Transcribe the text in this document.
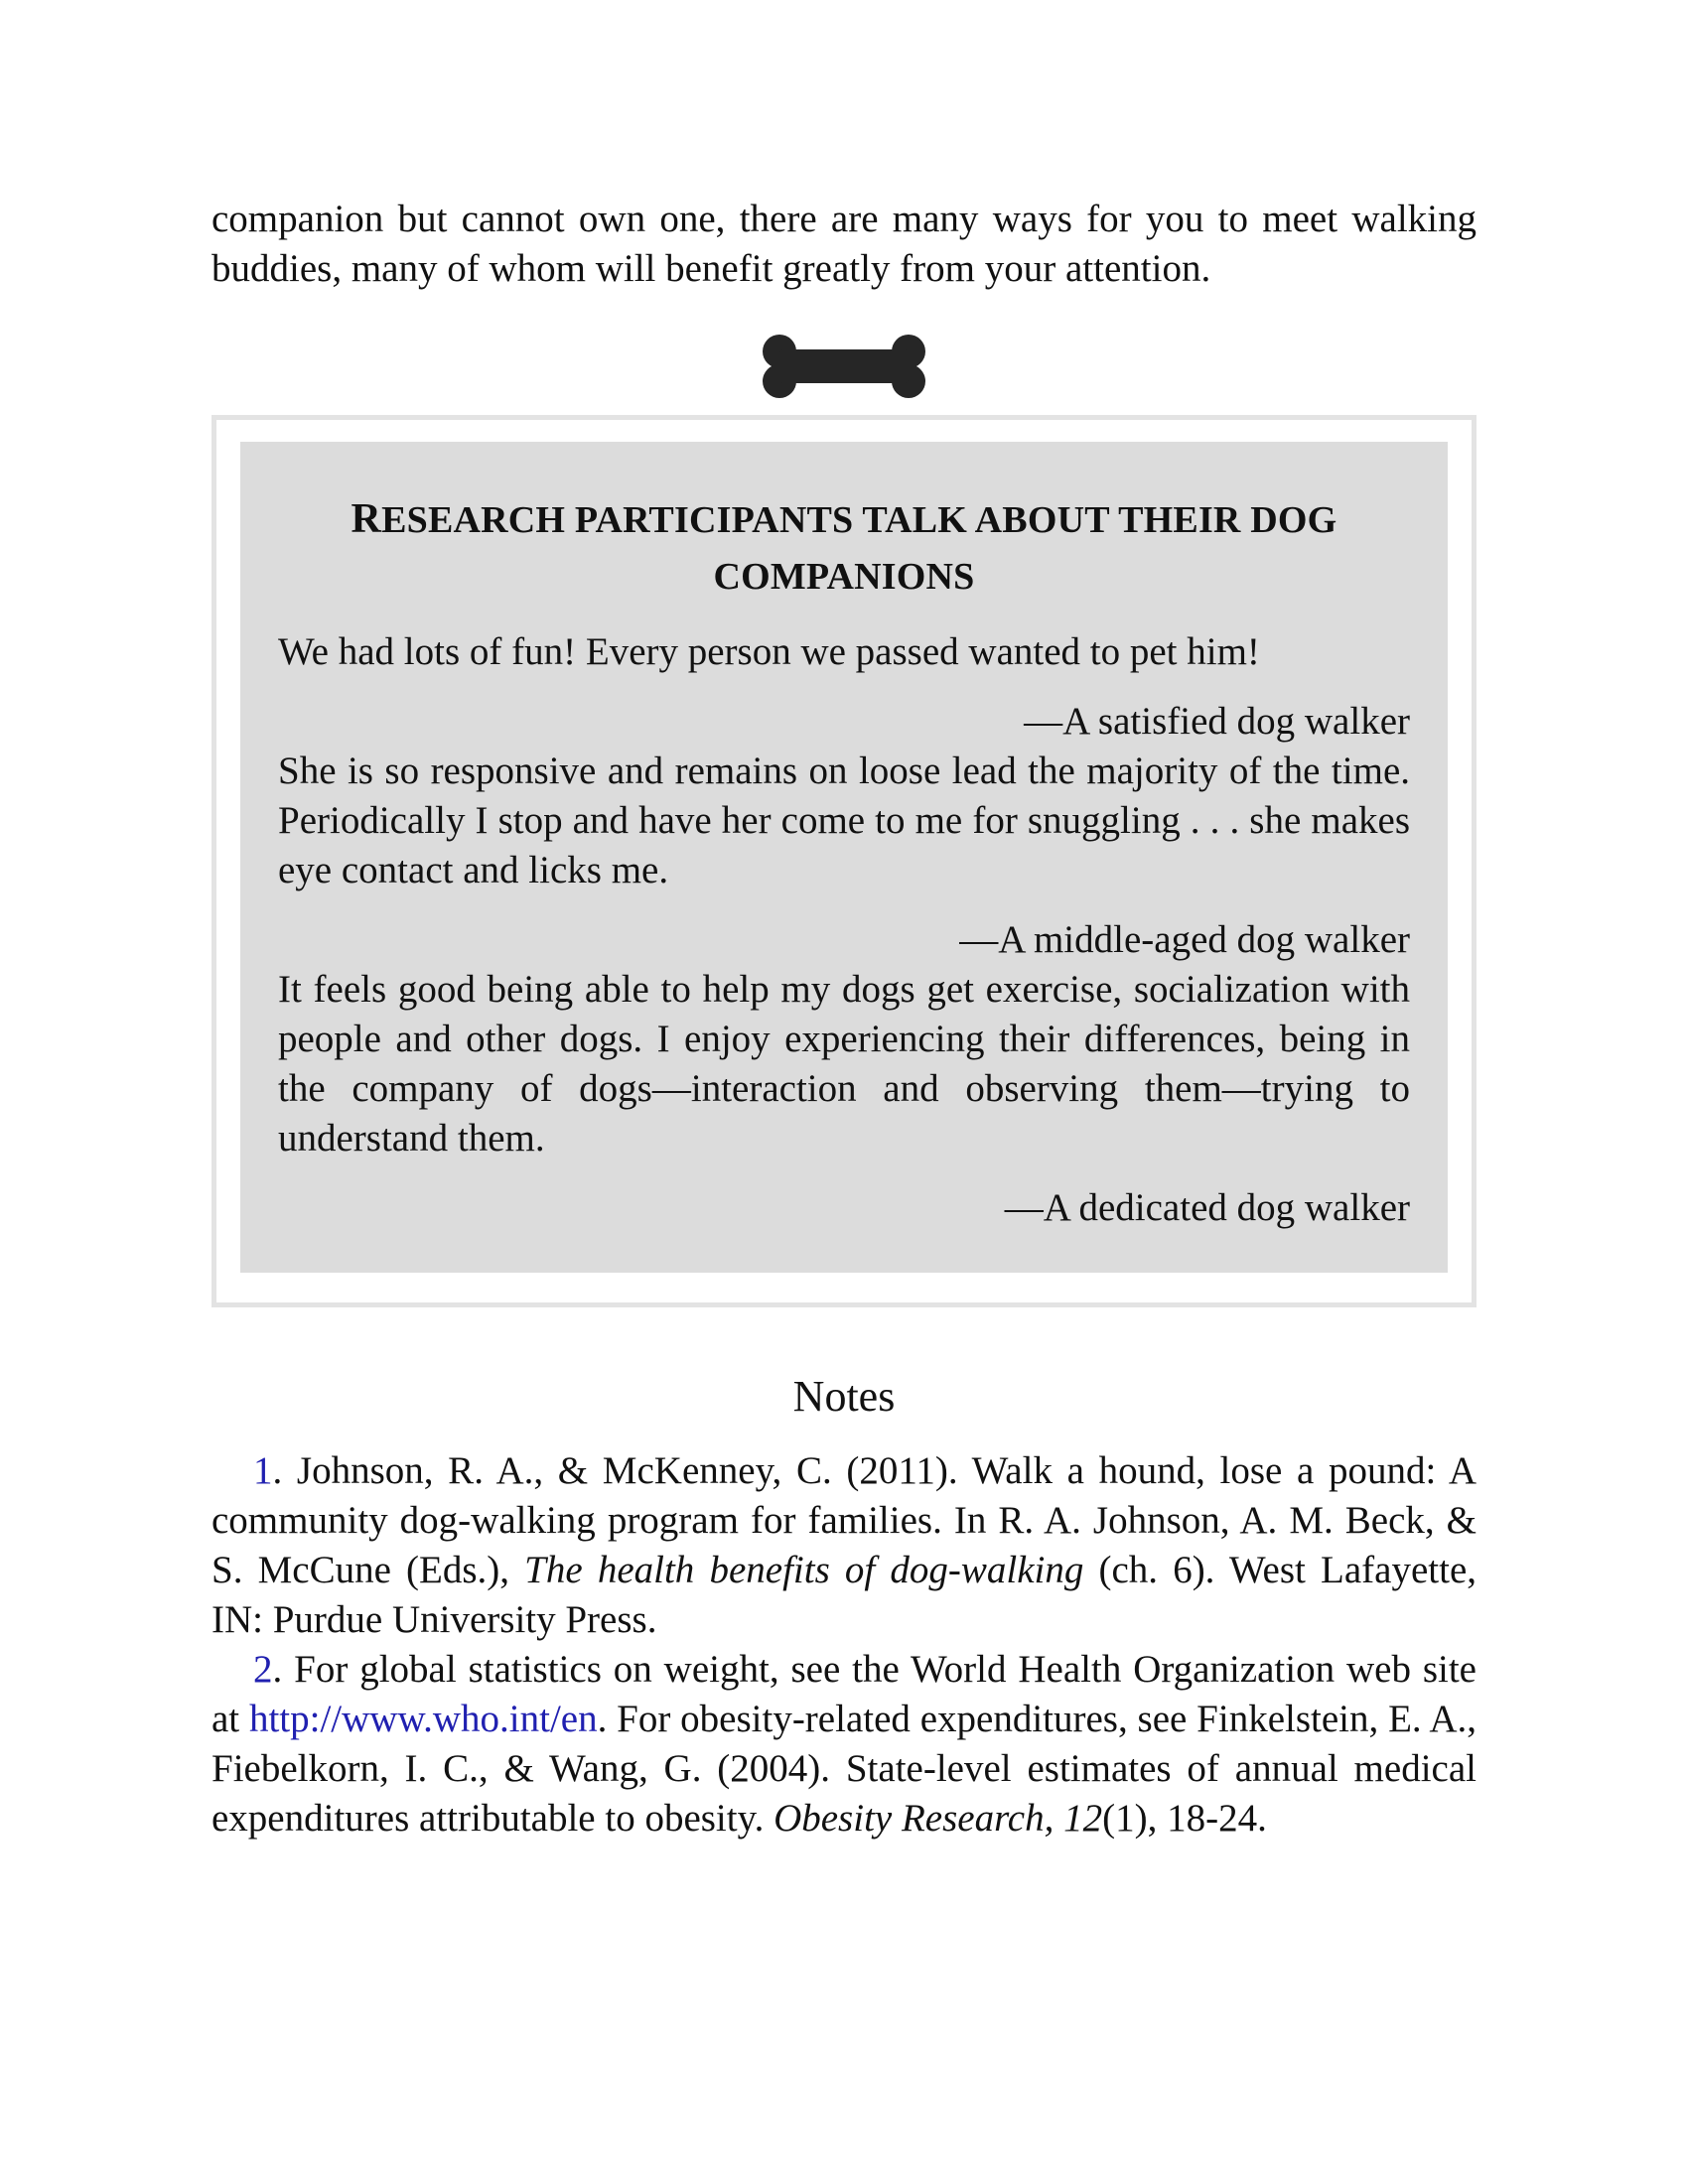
companion but cannot own one, there are many ways for you to meet walking buddies, many of whom will benefit greatly from your attention.

RESEARCH PARTICIPANTS TALK ABOUT THEIR DOG COMPANIONS

We had lots of fun! Every person we passed wanted to pet him!

—A satisfied dog walker

She is so responsive and remains on loose lead the majority of the time. Periodically I stop and have her come to me for snuggling . . . she makes eye contact and licks me.

—A middle-aged dog walker

It feels good being able to help my dogs get exercise, socialization with people and other dogs. I enjoy experiencing their differences, being in the company of dogs—interaction and observing them—trying to understand them.

—A dedicated dog walker

Notes

1. Johnson, R. A., & McKenney, C. (2011). Walk a hound, lose a pound: A community dog-walking program for families. In R. A. Johnson, A. M. Beck, & S. McCune (Eds.), The health benefits of dog-walking (ch. 6). West Lafayette, IN: Purdue University Press.

2. For global statistics on weight, see the World Health Organization web site at http://www.who.int/en. For obesity-related expenditures, see Finkelstein, E. A., Fiebelkorn, I. C., & Wang, G. (2004). State-level estimates of annual medical expenditures attributable to obesity. Obesity Research, 12(1), 18-24.
